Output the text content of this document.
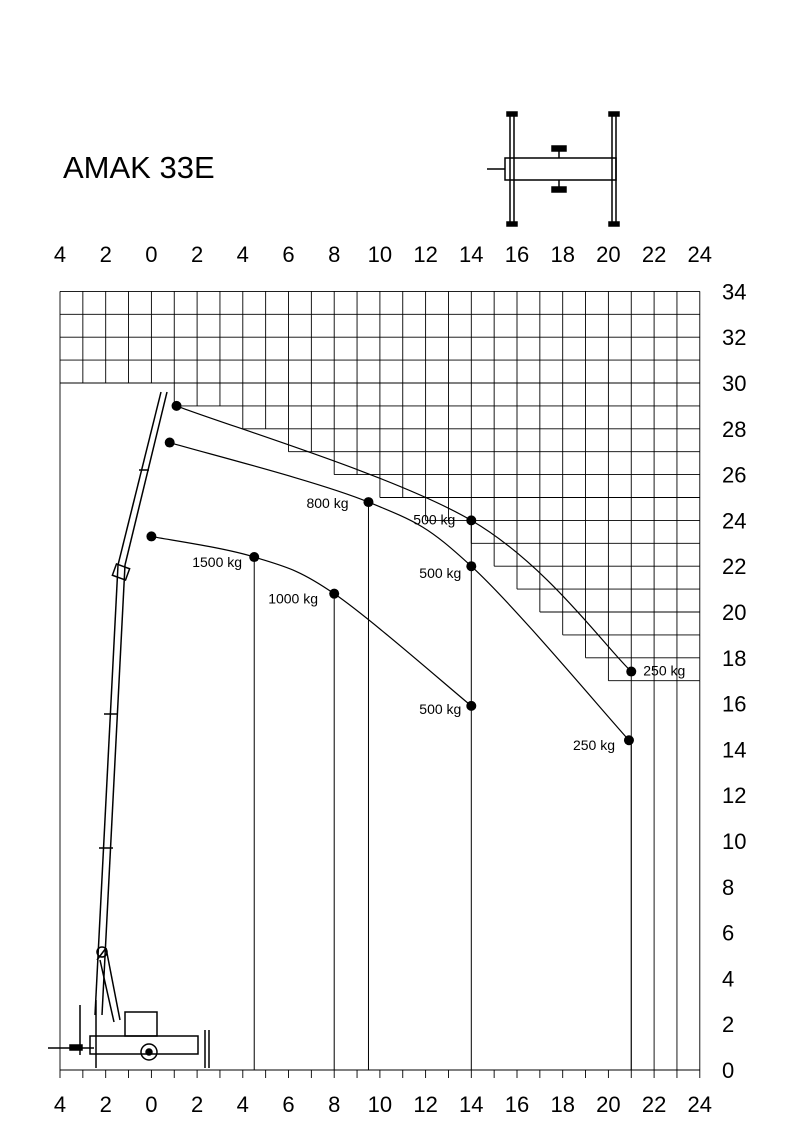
AMAK 33E
4 2 0 2 4 6 8 10 12 14 16 18 20 22 24
4 2 0 2 4 6 8 10 12 14 16 18 20 22 24
0
2
4
6
8
10
12
14
16
18
20
22
24
26
28
30
32
34
500 kg
250 kg
800 kg
500 kg
250 kg
1500 kg
1000 kg
500 kg
